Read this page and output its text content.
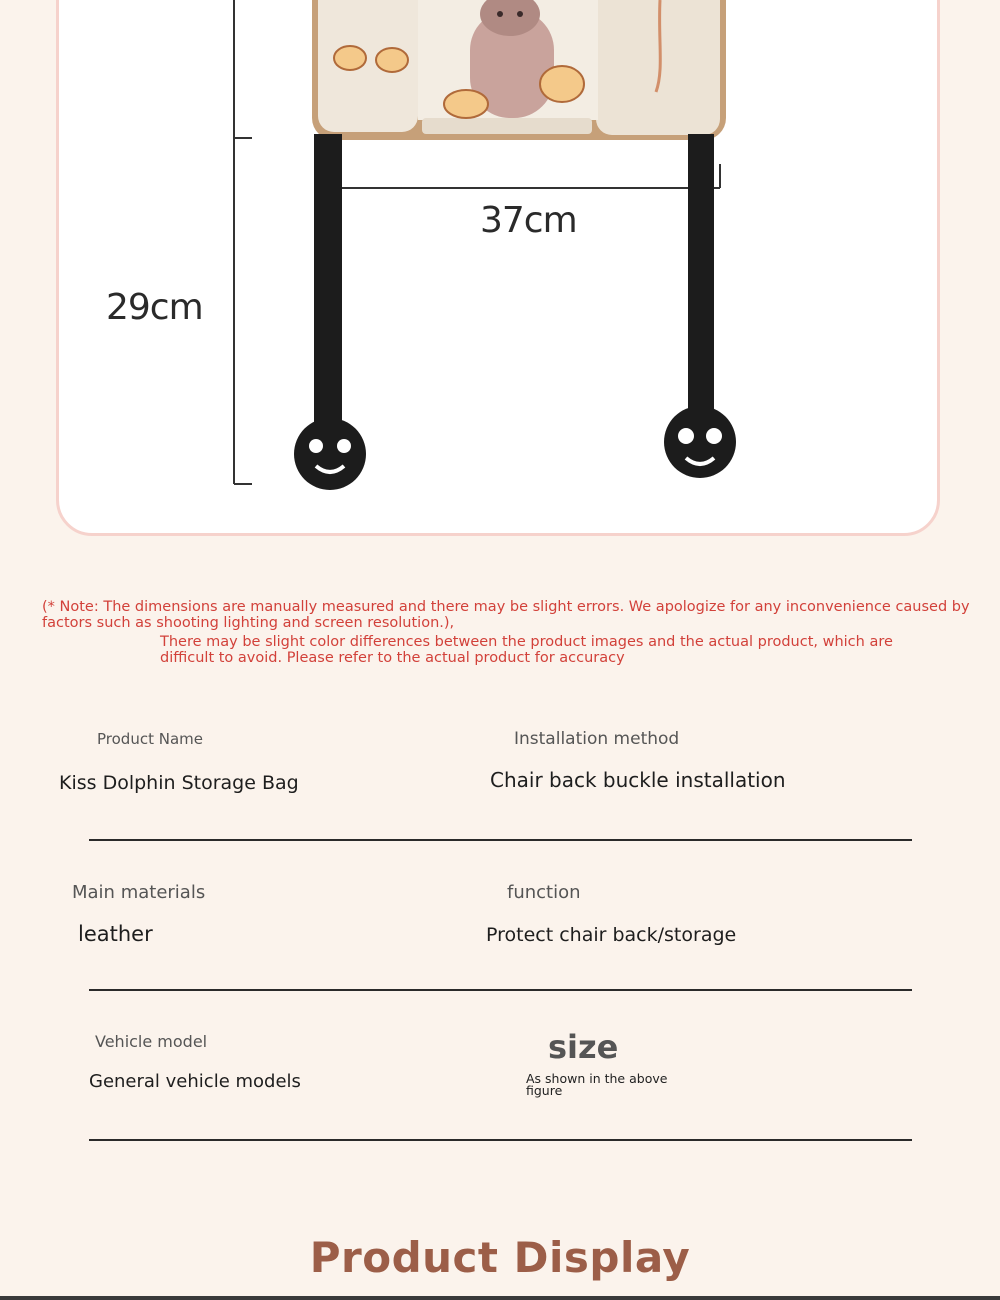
37cm
29cm
(* Note: The dimensions are manually measured and there may be slight errors. We apologize for any inconvenience caused by factors such as shooting lighting and screen resolution.),
There may be slight color differences between the product images and the actual product, which are difficult to avoid. Please refer to the actual product for accuracy
Product Name
Kiss Dolphin Storage Bag
Installation method
Chair back buckle installation
Main materials
leather
function
Protect chair back/storage
Vehicle model
General vehicle models
size
As shown in the above figure
Product Display
